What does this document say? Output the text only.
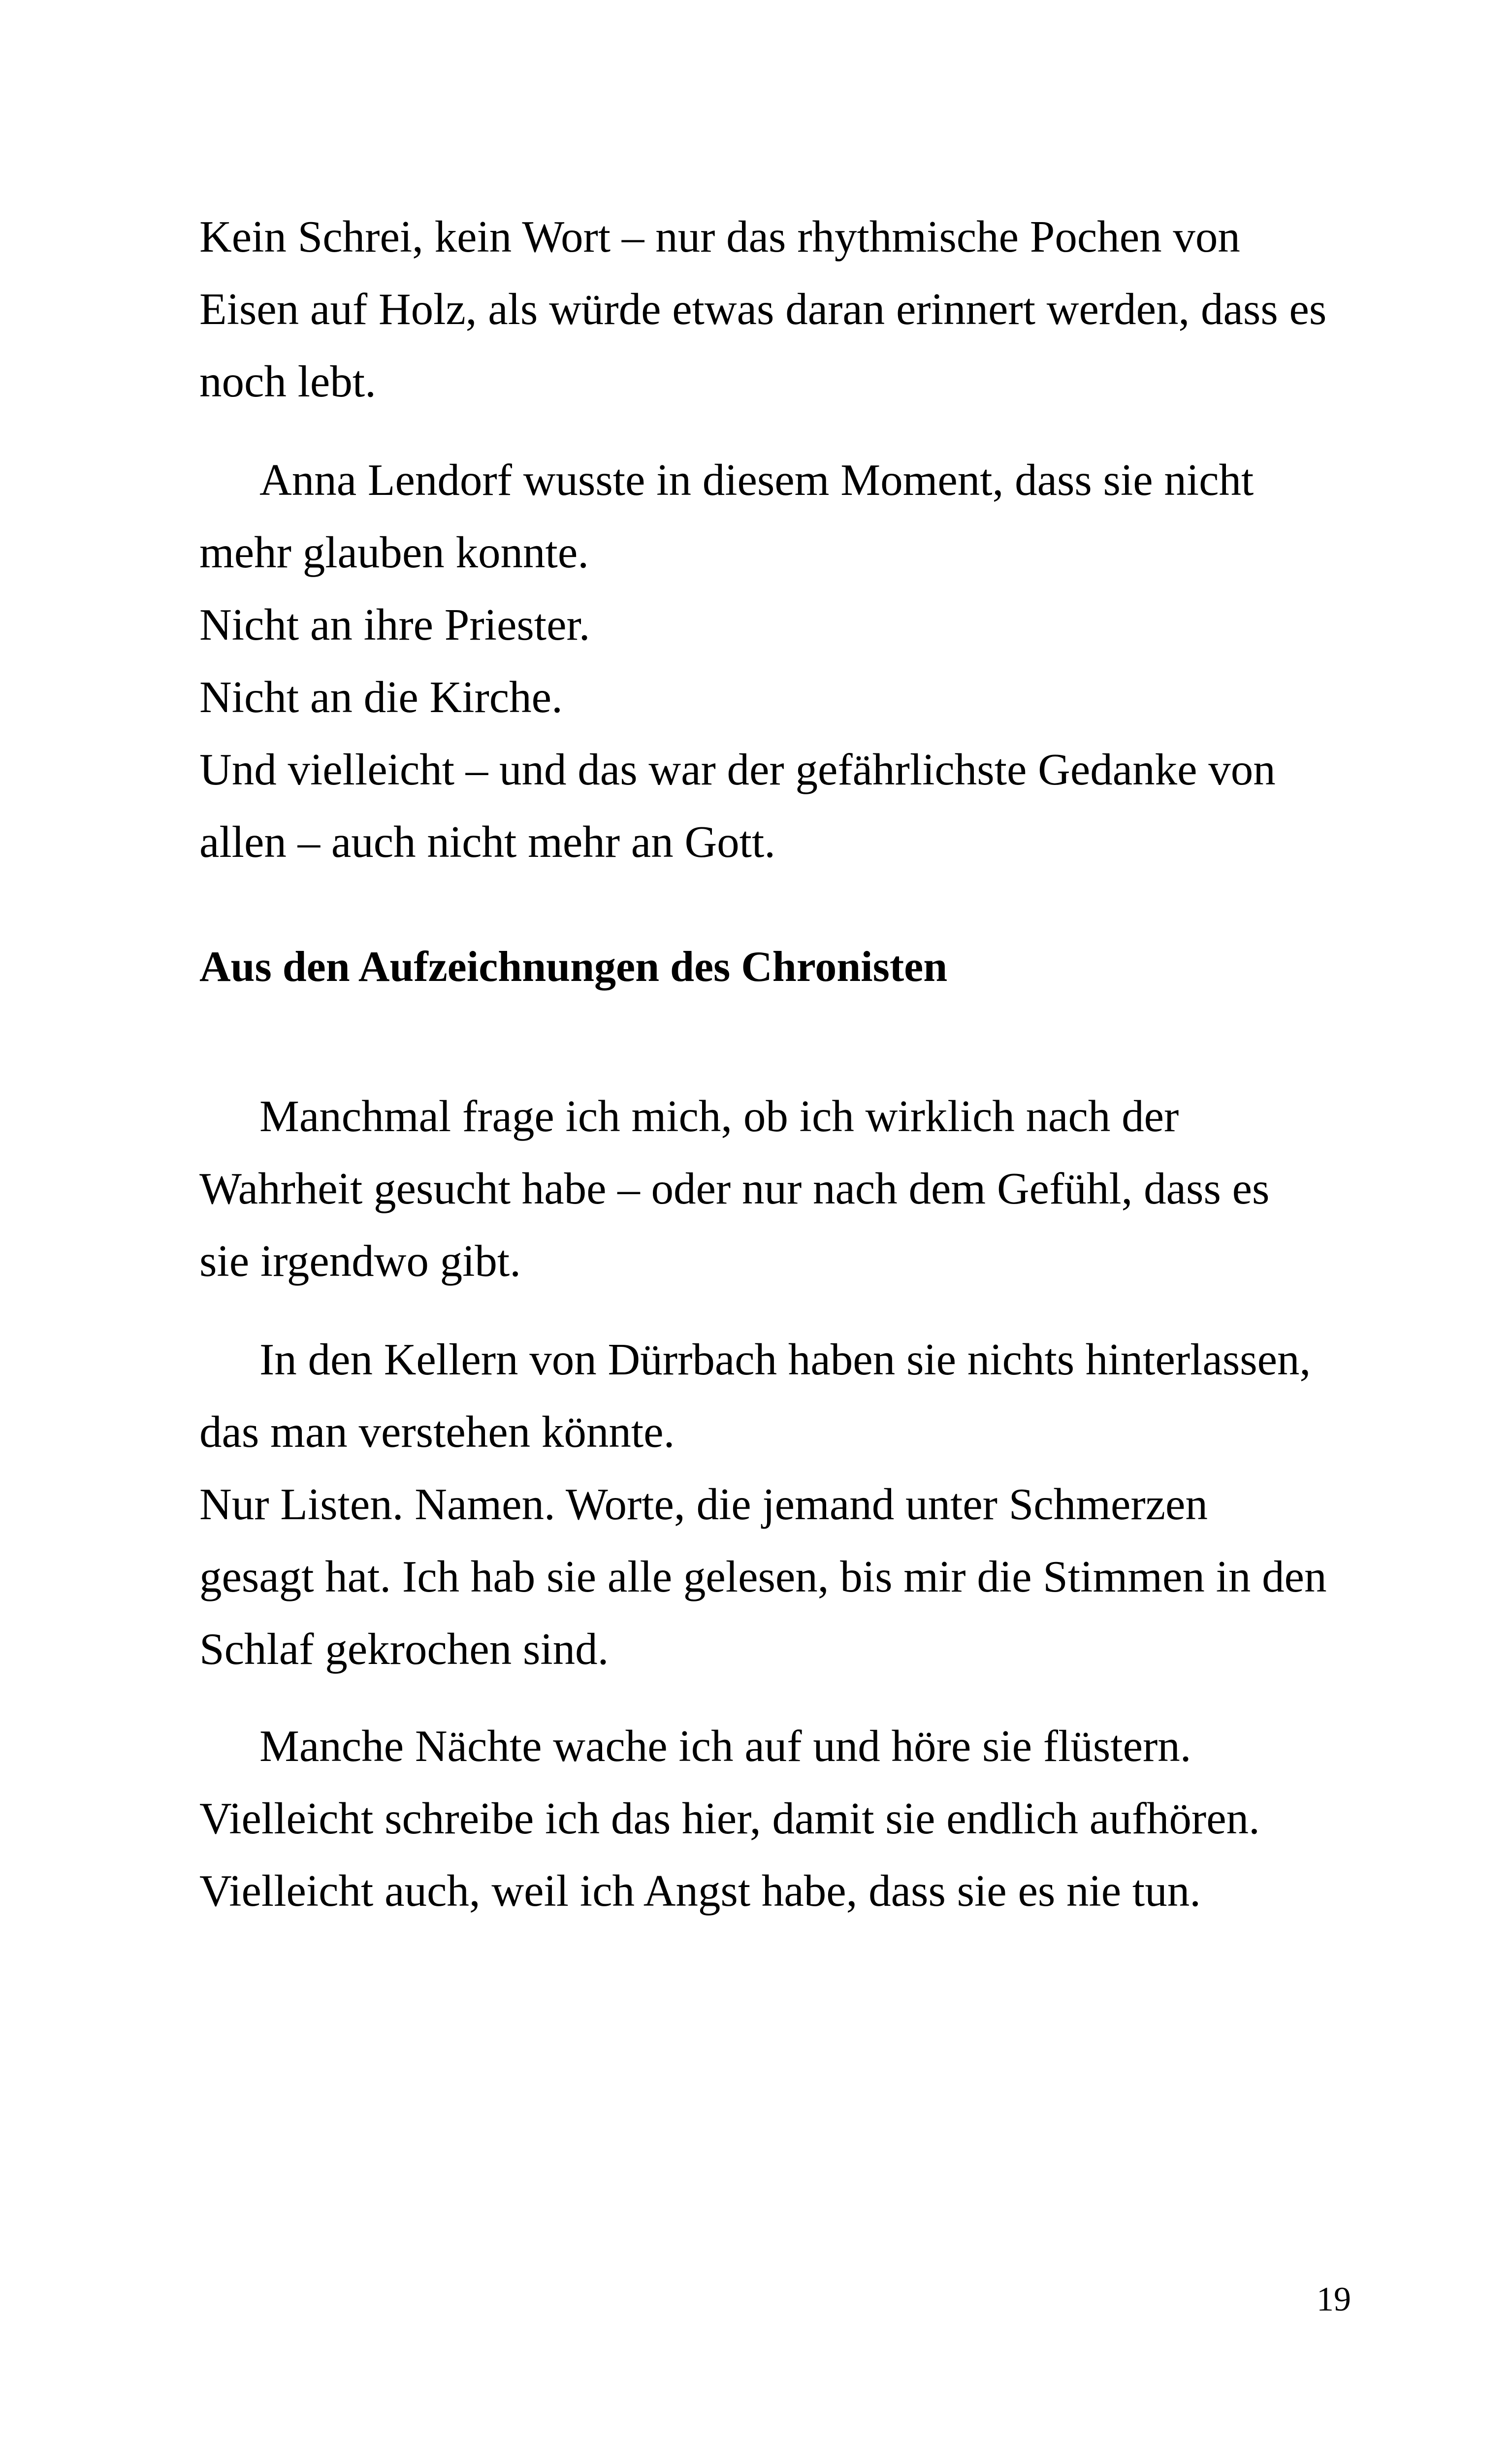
Kein Schrei, kein Wort – nur das rhythmische Pochen von
Eisen auf Holz, als würde etwas daran erinnert werden, dass es
noch lebt.

Anna Lendorf wusste in diesem Moment, dass sie nicht
mehr glauben konnte.
Nicht an ihre Priester.
Nicht an die Kirche.
Und vielleicht – und das war der gefährlichste Gedanke von
allen – auch nicht mehr an Gott.

Aus den Aufzeichnungen des Chronisten

Manchmal frage ich mich, ob ich wirklich nach der
Wahrheit gesucht habe – oder nur nach dem Gefühl, dass es
sie irgendwo gibt.

In den Kellern von Dürrbach haben sie nichts hinterlassen,
das man verstehen könnte.
Nur Listen. Namen. Worte, die jemand unter Schmerzen
gesagt hat. Ich hab sie alle gelesen, bis mir die Stimmen in den
Schlaf gekrochen sind.

Manche Nächte wache ich auf und höre sie flüstern.
Vielleicht schreibe ich das hier, damit sie endlich aufhören.
Vielleicht auch, weil ich Angst habe, dass sie es nie tun.

19
